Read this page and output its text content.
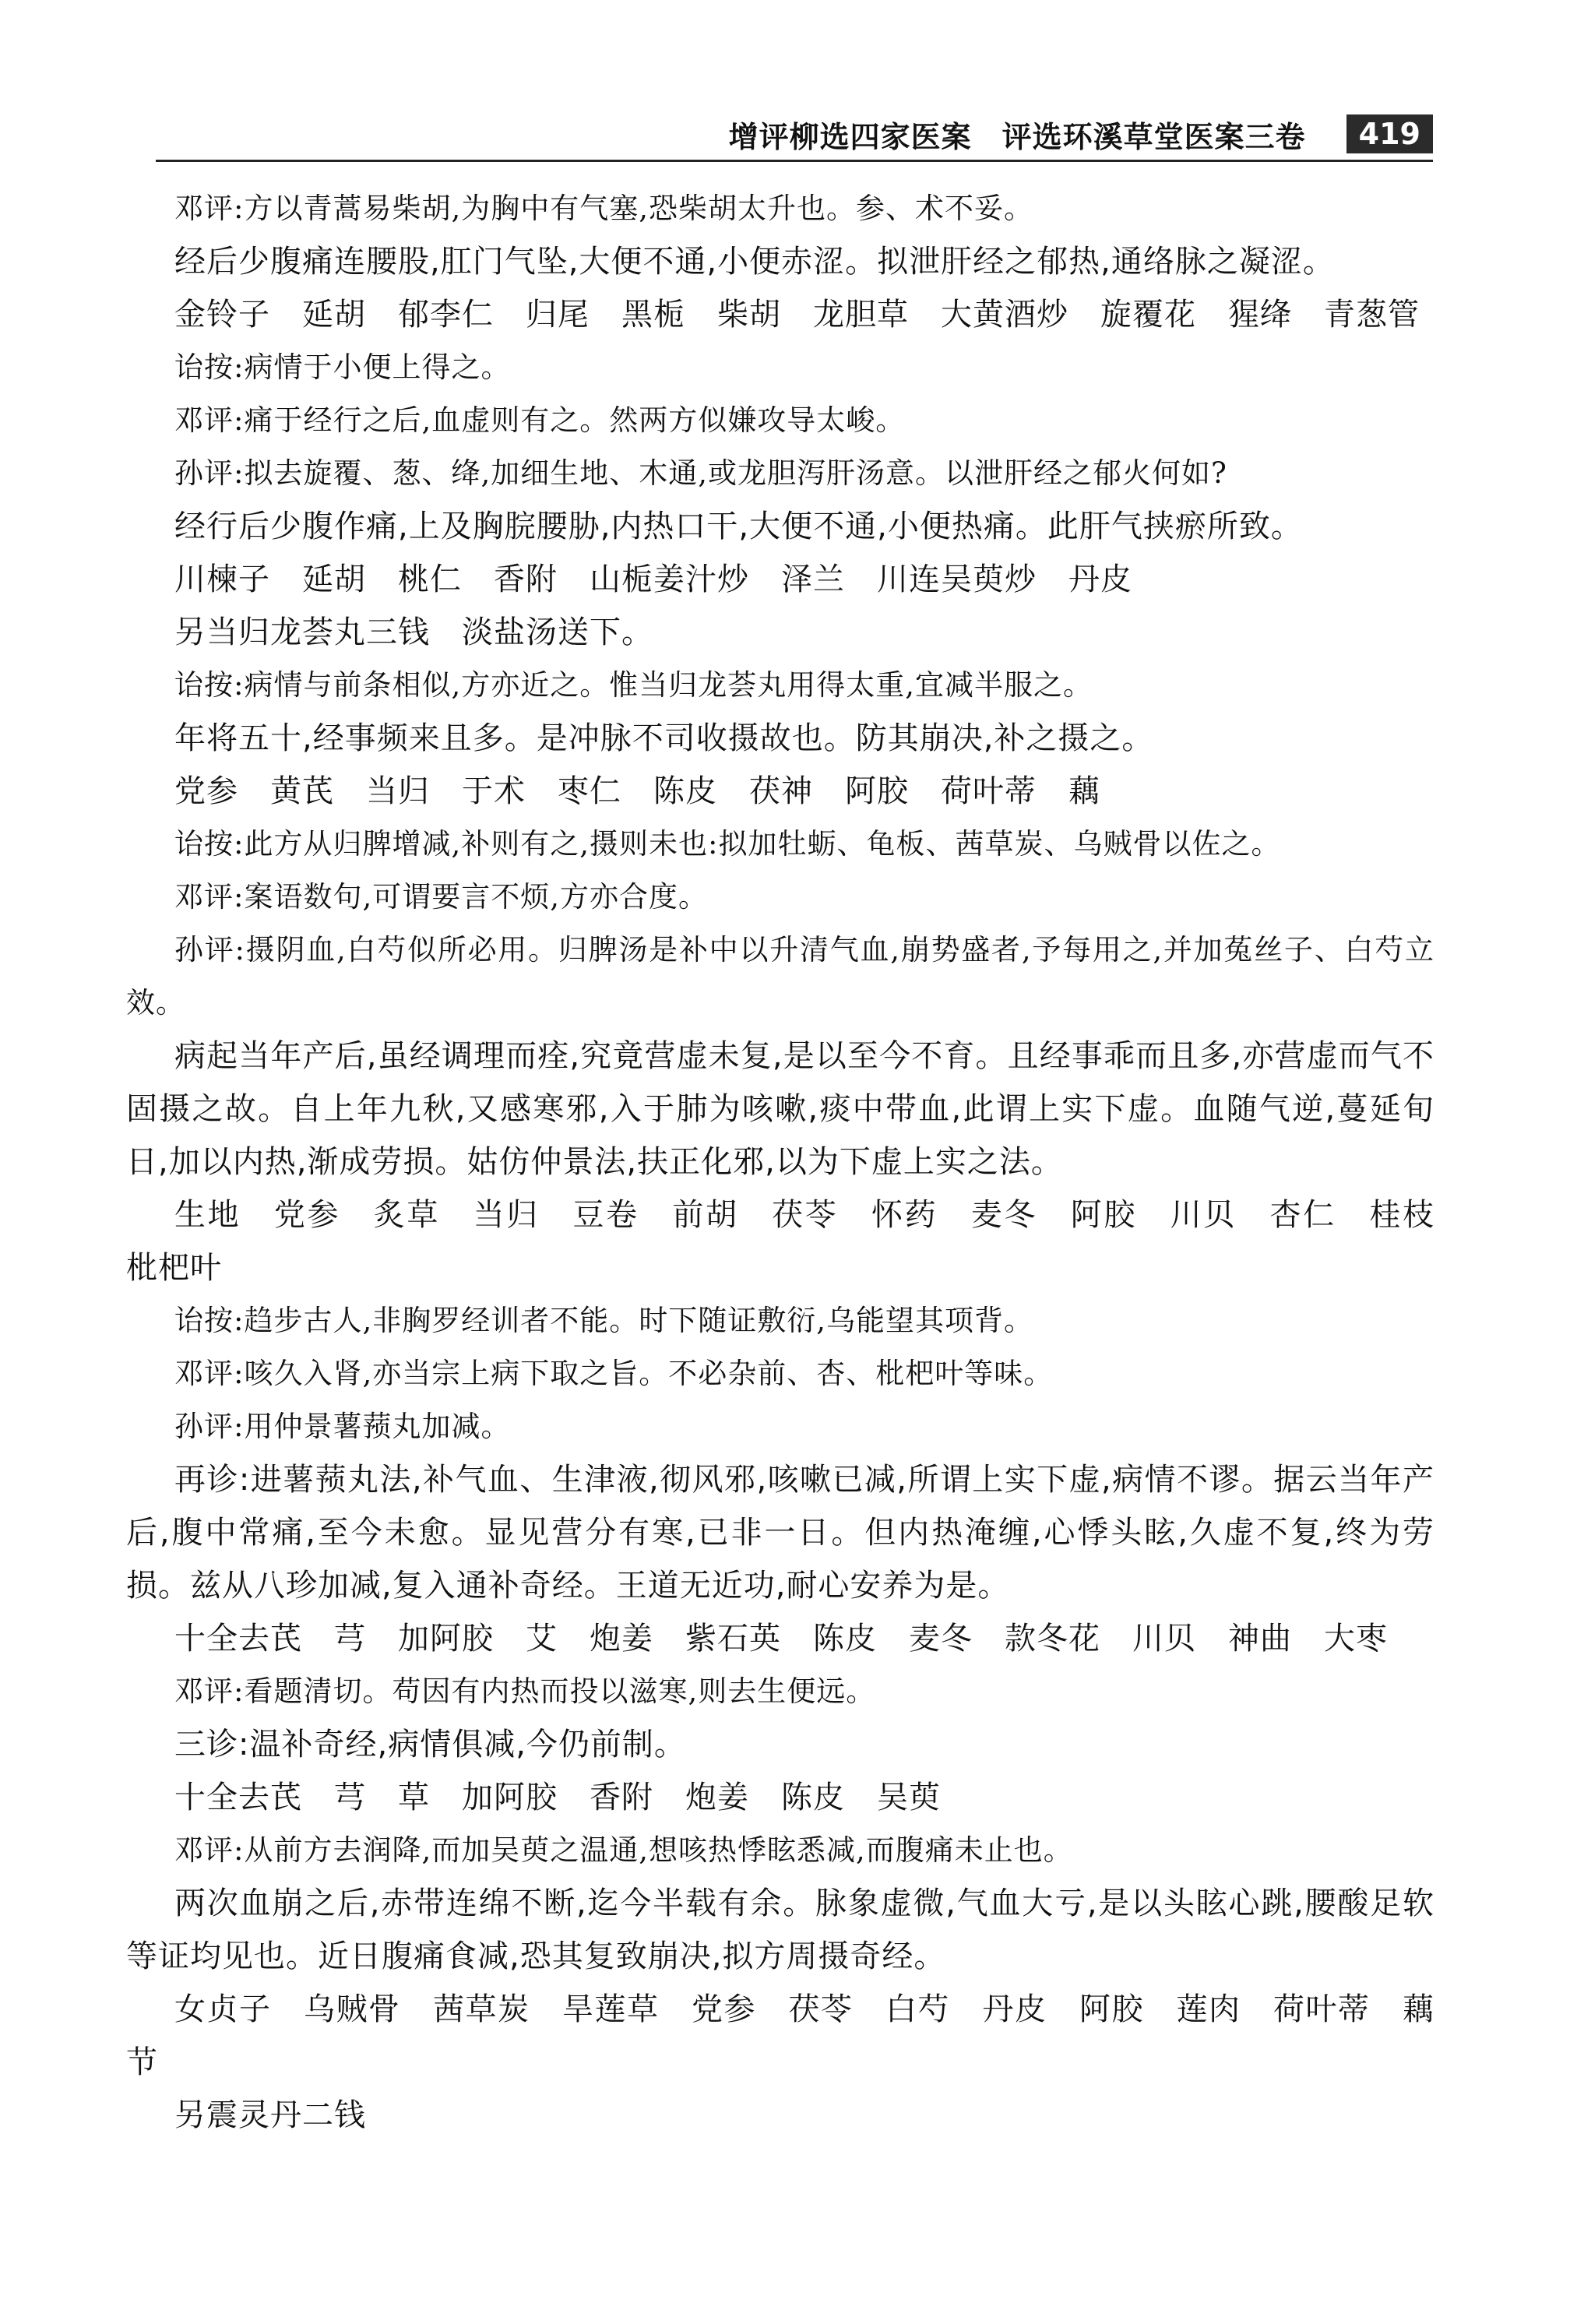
增评柳选四家医案　评选环溪草堂医案三卷	419

邓评:方以青蒿易柴胡,为胸中有气塞,恐柴胡太升也。参、术不妥。

经后少腹痛连腰股,肛门气坠,大便不通,小便赤涩。拟泄肝经之郁热,通络脉之凝涩。

金铃子　延胡　郁李仁　归尾　黑栀　柴胡　龙胆草　大黄酒炒　旋覆花　猩绛　青葱管

诒按:病情于小便上得之。

邓评:痛于经行之后,血虚则有之。然两方似嫌攻导太峻。

孙评:拟去旋覆、葱、绛,加细生地、木通,或龙胆泻肝汤意。以泄肝经之郁火何如?

经行后少腹作痛,上及胸脘腰胁,内热口干,大便不通,小便热痛。此肝气挟瘀所致。

川楝子　延胡　桃仁　香附　山栀姜汁炒　泽兰　川连吴萸炒　丹皮

另当归龙荟丸三钱　淡盐汤送下。

诒按:病情与前条相似,方亦近之。惟当归龙荟丸用得太重,宜减半服之。

年将五十,经事频来且多。是冲脉不司收摄故也。防其崩决,补之摄之。

党参　黄芪　当归　于术　枣仁　陈皮　茯神　阿胶　荷叶蒂　藕

诒按:此方从归脾增减,补则有之,摄则未也:拟加牡蛎、龟板、茜草炭、乌贼骨以佐之。

邓评:案语数句,可谓要言不烦,方亦合度。

孙评:摄阴血,白芍似所必用。归脾汤是补中以升清气血,崩势盛者,予每用之,并加菟丝子、白芍立效。

病起当年产后,虽经调理而痊,究竟营虚未复,是以至今不育。且经事乖而且多,亦营虚而气不固摄之故。自上年九秋,又感寒邪,入于肺为咳嗽,痰中带血,此谓上实下虚。血随气逆,蔓延旬日,加以内热,渐成劳损。姑仿仲景法,扶正化邪,以为下虚上实之法。

生地　党参　炙草　当归　豆卷　前胡　茯苓　怀药　麦冬　阿胶　川贝　杏仁　桂枝　枇杷叶

诒按:趋步古人,非胸罗经训者不能。时下随证敷衍,乌能望其项背。

邓评:咳久入肾,亦当宗上病下取之旨。不必杂前、杏、枇杷叶等味。

孙评:用仲景薯蓣丸加减。

再诊:进薯蓣丸法,补气血、生津液,彻风邪,咳嗽已减,所谓上实下虚,病情不谬。据云当年产后,腹中常痛,至今未愈。显见营分有寒,已非一日。但内热淹缠,心悸头眩,久虚不复,终为劳损。兹从八珍加减,复入通补奇经。王道无近功,耐心安养为是。

十全去芪　芎　加阿胶　艾　炮姜　紫石英　陈皮　麦冬　款冬花　川贝　神曲　大枣

邓评:看题清切。苟因有内热而投以滋寒,则去生便远。

三诊:温补奇经,病情俱减,今仍前制。

十全去芪　芎　草　加阿胶　香附　炮姜　陈皮　吴萸

邓评:从前方去润降,而加吴萸之温通,想咳热悸眩悉减,而腹痛未止也。

两次血崩之后,赤带连绵不断,迄今半载有余。脉象虚微,气血大亏,是以头眩心跳,腰酸足软等证均见也。近日腹痛食减,恐其复致崩决,拟方周摄奇经。

女贞子　乌贼骨　茜草炭　旱莲草　党参　茯苓　白芍　丹皮　阿胶　莲肉　荷叶蒂　藕节

另震灵丹二钱
